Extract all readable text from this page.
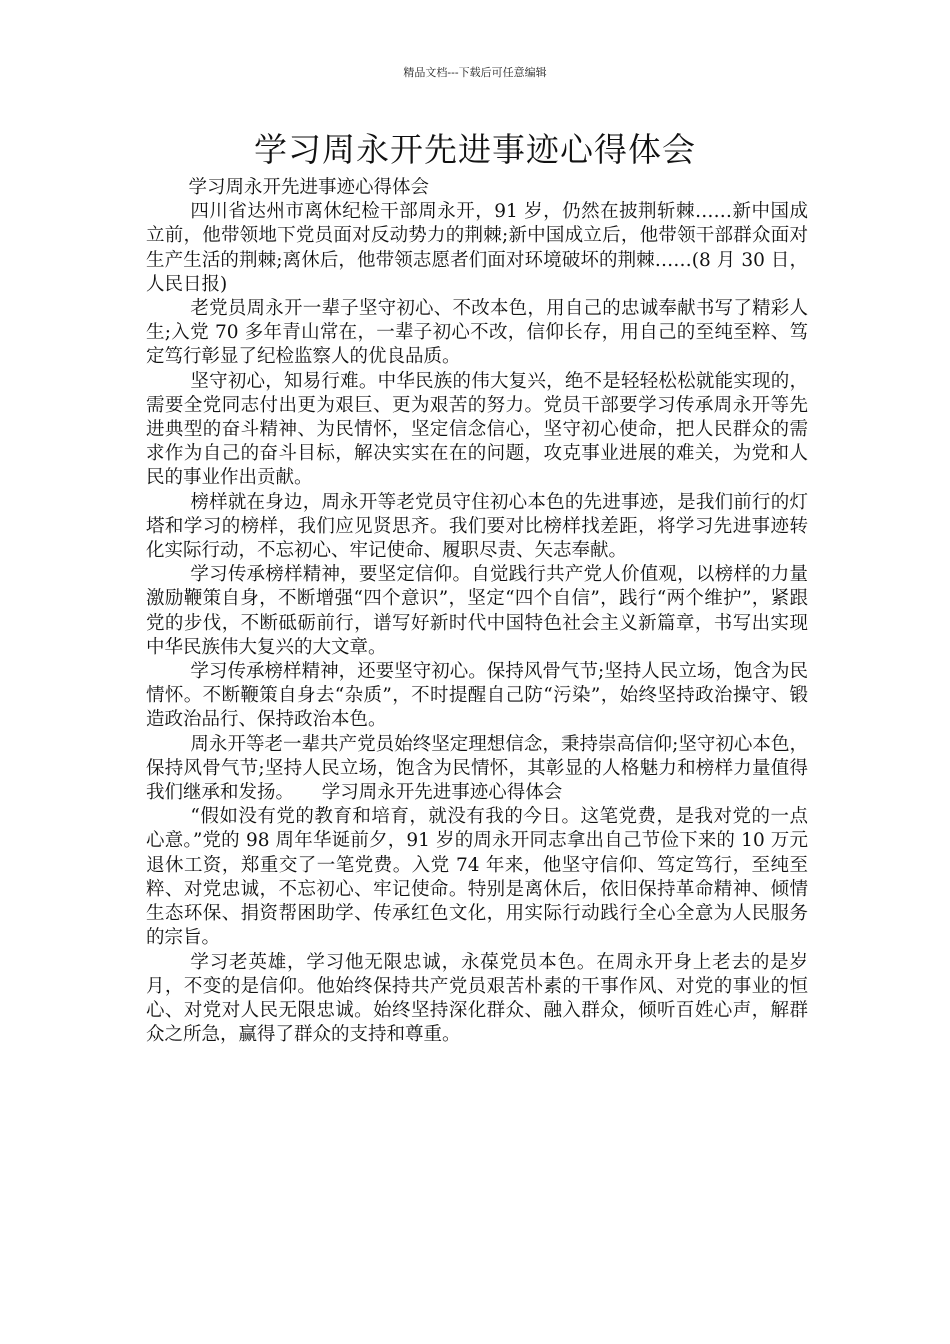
精品文档---下载后可任意编辑
学习周永开先进事迹心得体会

学习周永开先进事迹心得体会

四川省达州市离休纪检干部周永开，91 岁，仍然在披荆斩棘……新中国成立前，他带领地下党员面对反动势力的荆棘;新中国成立后，他带领干部群众面对生产生活的荆棘;离休后，他带领志愿者们面对环境破坏的荆棘……(8 月 30 日，人民日报)

老党员周永开一辈子坚守初心、不改本色，用自己的忠诚奉献书写了精彩人生;入党 70 多年青山常在，一辈子初心不改，信仰长存，用自己的至纯至粹、笃定笃行彰显了纪检监察人的优良品质。

坚守初心，知易行难。中华民族的伟大复兴，绝不是轻轻松松就能实现的，需要全党同志付出更为艰巨、更为艰苦的努力。党员干部要学习传承周永开等先进典型的奋斗精神、为民情怀，坚定信念信心，坚守初心使命，把人民群众的需求作为自己的奋斗目标，解决实实在在的问题，攻克事业进展的难关，为党和人民的事业作出贡献。

榜样就在身边，周永开等老党员守住初心本色的先进事迹，是我们前行的灯塔和学习的榜样，我们应见贤思齐。我们要对比榜样找差距，将学习先进事迹转化实际行动，不忘初心、牢记使命、履职尽责、矢志奉献。

学习传承榜样精神，要坚定信仰。自觉践行共产党人价值观，以榜样的力量激励鞭策自身，不断增强“四个意识”，坚定“四个自信”，践行“两个维护”，紧跟党的步伐，不断砥砺前行，谱写好新时代中国特色社会主义新篇章，书写出实现中华民族伟大复兴的大文章。

学习传承榜样精神，还要坚守初心。保持风骨气节;坚持人民立场，饱含为民情怀。不断鞭策自身去“杂质”，不时提醒自己防“污染”，始终坚持政治操守、锻造政治品行、保持政治本色。

周永开等老一辈共产党员始终坚定理想信念，秉持崇高信仰;坚守初心本色，保持风骨气节;坚持人民立场，饱含为民情怀，其彰显的人格魅力和榜样力量值得我们继承和发扬。　　学习周永开先进事迹心得体会

“假如没有党的教育和培育，就没有我的今日。这笔党费，是我对党的一点心意。”党的 98 周年华诞前夕，91 岁的周永开同志拿出自己节俭下来的 10 万元退休工资，郑重交了一笔党费。入党 74 年来，他坚守信仰、笃定笃行，至纯至粹、对党忠诚，不忘初心、牢记使命。特别是离休后，依旧保持革命精神、倾情生态环保、捐资帮困助学、传承红色文化，用实际行动践行全心全意为人民服务的宗旨。

学习老英雄，学习他无限忠诚，永葆党员本色。在周永开身上老去的是岁月，不变的是信仰。他始终保持共产党员艰苦朴素的干事作风、对党的事业的恒心、对党对人民无限忠诚。始终坚持深化群众、融入群众，倾听百姓心声，解群众之所急，赢得了群众的支持和尊重。
